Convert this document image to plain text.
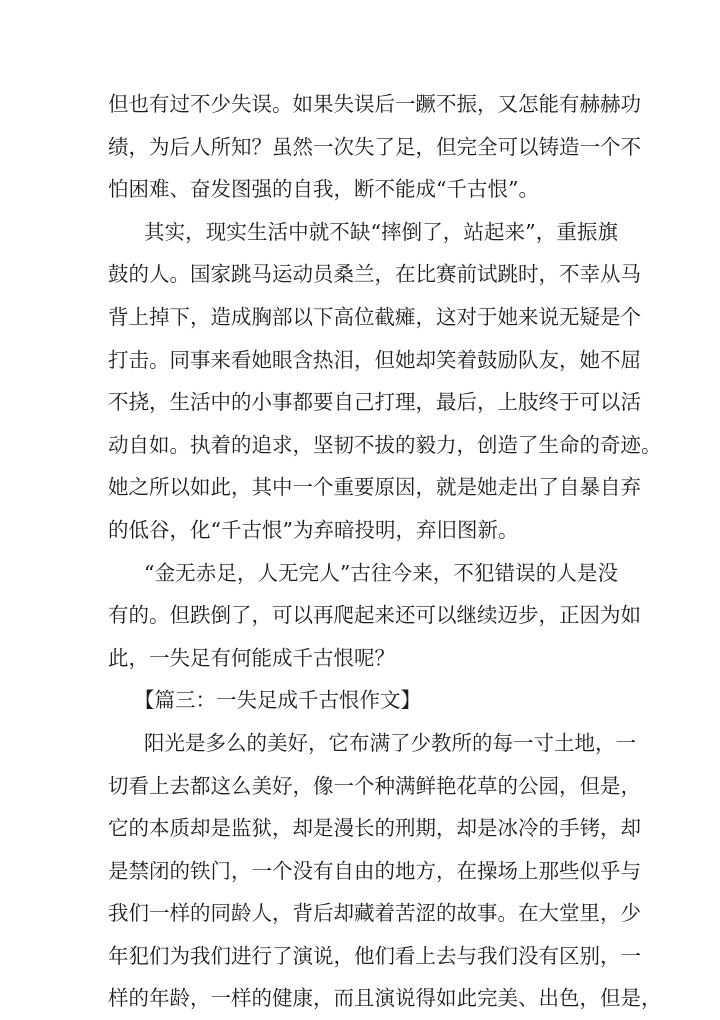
但也有过不少失误。如果失误后一蹶不振，又怎能有赫赫功
绩，为后人所知？虽然一次失了足，但完全可以铸造一个不
怕困难、奋发图强的自我，断不能成“千古恨”。
其实，现实生活中就不缺“摔倒了，站起来”，重振旗
鼓的人。国家跳马运动员桑兰，在比赛前试跳时，不幸从马
背上掉下，造成胸部以下高位截瘫，这对于她来说无疑是个
打击。同事来看她眼含热泪，但她却笑着鼓励队友，她不屈
不挠，生活中的小事都要自己打理，最后，上肢终于可以活
动自如。执着的追求，坚韧不拔的毅力，创造了生命的奇迹。
她之所以如此，其中一个重要原因，就是她走出了自暴自弃
的低谷，化“千古恨”为弃暗投明，弃旧图新。
“金无赤足，人无完人”古往今来，不犯错误的人是没
有的。但跌倒了，可以再爬起来还可以继续迈步，正因为如
此，一失足有何能成千古恨呢？
【篇三：一失足成千古恨作文】
阳光是多么的美好，它布满了少教所的每一寸土地，一
切看上去都这么美好，像一个种满鲜艳花草的公园，但是，
它的本质却是监狱，却是漫长的刑期，却是冰冷的手铐，却
是禁闭的铁门，一个没有自由的地方，在操场上那些似乎与
我们一样的同龄人，背后却藏着苦涩的故事。在大堂里，少
年犯们为我们进行了演说，他们看上去与我们没有区别，一
样的年龄，一样的健康，而且演说得如此完美、出色，但是，
